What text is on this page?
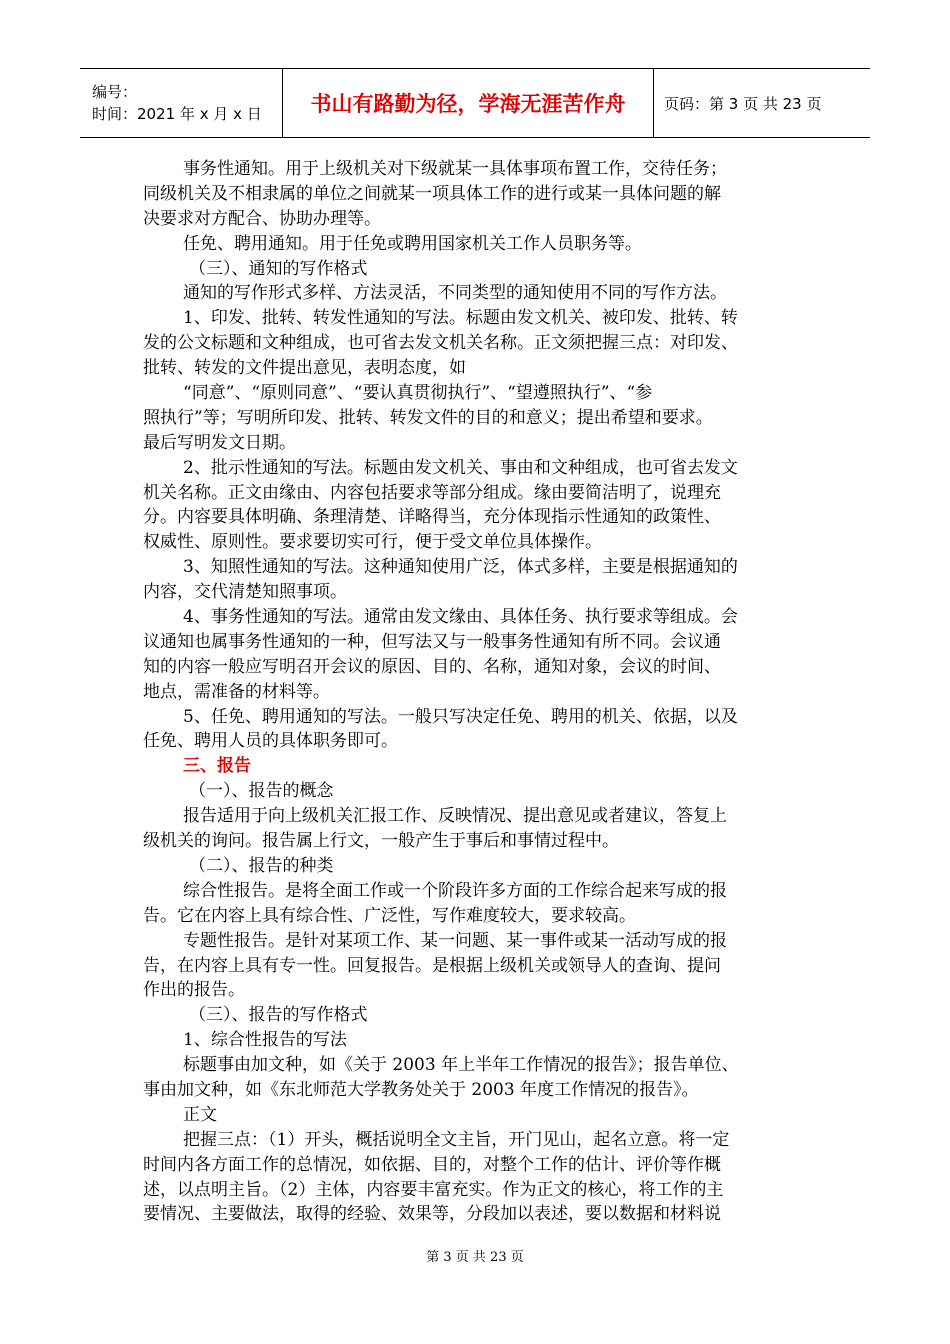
编号：
时间：2021 年 x 月 x 日	书山有路勤为径，学海无涯苦作舟	页码：第 3 页 共 23 页
事务性通知。用于上级机关对下级就某一具体事项布置工作，交待任务；
同级机关及不相隶属的单位之间就某一项具体工作的进行或某一具体问题的解
决要求对方配合、协助办理等。
任免、聘用通知。用于任免或聘用国家机关工作人员职务等。
（三）、通知的写作格式
通知的写作形式多样、方法灵活，不同类型的通知使用不同的写作方法。
1、印发、批转、转发性通知的写法。标题由发文机关、被印发、批转、转
发的公文标题和文种组成，也可省去发文机关名称。正文须把握三点：对印发、
批转、转发的文件提出意见，表明态度，如
“同意”、“原则同意”、“要认真贯彻执行”、“望遵照执行”、“参
照执行”等；写明所印发、批转、转发文件的目的和意义；提出希望和要求。
最后写明发文日期。
2、批示性通知的写法。标题由发文机关、事由和文种组成，也可省去发文
机关名称。正文由缘由、内容包括要求等部分组成。缘由要简洁明了，说理充
分。内容要具体明确、条理清楚、详略得当，充分体现指示性通知的政策性、
权威性、原则性。要求要切实可行，便于受文单位具体操作。
3、知照性通知的写法。这种通知使用广泛，体式多样，主要是根据通知的
内容，交代清楚知照事项。
4、事务性通知的写法。通常由发文缘由、具体任务、执行要求等组成。会
议通知也属事务性通知的一种，但写法又与一般事务性通知有所不同。会议通
知的内容一般应写明召开会议的原因、目的、名称，通知对象，会议的时间、
地点，需准备的材料等。
5、任免、聘用通知的写法。一般只写决定任免、聘用的机关、依据，以及
任免、聘用人员的具体职务即可。
三、报告
（一）、报告的概念
报告适用于向上级机关汇报工作、反映情况、提出意见或者建议，答复上
级机关的询问。报告属上行文，一般产生于事后和事情过程中。
（二）、报告的种类
综合性报告。是将全面工作或一个阶段许多方面的工作综合起来写成的报
告。它在内容上具有综合性、广泛性，写作难度较大，要求较高。
专题性报告。是针对某项工作、某一问题、某一事件或某一活动写成的报
告，在内容上具有专一性。回复报告。是根据上级机关或领导人的查询、提问
作出的报告。
（三）、报告的写作格式
1、综合性报告的写法
标题事由加文种，如《关于 2003 年上半年工作情况的报告》；报告单位、
事由加文种，如《东北师范大学教务处关于 2003 年度工作情况的报告》。
正文
把握三点：（1）开头，概括说明全文主旨，开门见山，起名立意。将一定
时间内各方面工作的总情况，如依据、目的，对整个工作的估计、评价等作概
述，以点明主旨。（2）主体，内容要丰富充实。作为正文的核心，将工作的主
要情况、主要做法，取得的经验、效果等，分段加以表述，要以数据和材料说
第 3 页 共 23 页
